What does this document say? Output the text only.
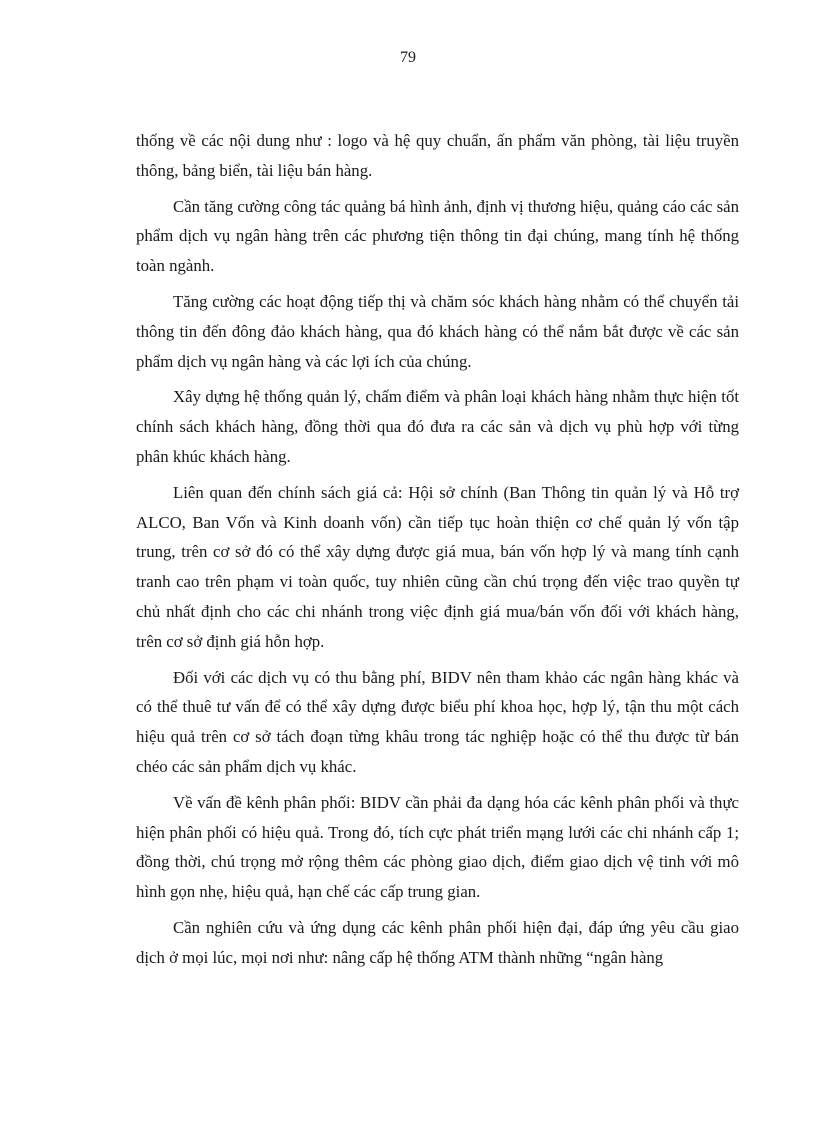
79

thống về các nội dung như : logo và hệ quy chuẩn, ấn phẩm văn phòng, tài liệu truyền thông, bảng biển, tài liệu bán hàng.

Cần tăng cường công tác quảng bá hình ảnh, định vị thương hiệu, quảng cáo các sản phẩm dịch vụ ngân hàng trên các phương tiện thông tin đại chúng, mang tính hệ thống toàn ngành.

Tăng cường các hoạt động tiếp thị và chăm sóc khách hàng nhằm có thể chuyển tải thông tin đến đông đảo khách hàng, qua đó khách hàng có thể nắm bắt được về các sản phẩm dịch vụ ngân hàng và các lợi ích của chúng.

Xây dựng hệ thống quản lý, chấm điểm và phân loại khách hàng nhằm thực hiện tốt chính sách khách hàng, đồng thời qua đó đưa ra các sản và dịch vụ phù hợp với từng phân khúc khách hàng.

Liên quan đến chính sách giá cả: Hội sở chính (Ban Thông tin quản lý và Hỗ trợ ALCO, Ban Vốn và Kinh doanh vốn) cần tiếp tục hoàn thiện cơ chế quản lý vốn tập trung, trên cơ sở đó có thể xây dựng được giá mua, bán vốn hợp lý và mang tính cạnh tranh cao trên phạm vi toàn quốc, tuy nhiên cũng cần chú trọng đến việc trao quyền tự chủ nhất định cho các chi nhánh trong việc định giá mua/bán vốn đối với khách hàng, trên cơ sở định giá hỗn hợp.

Đối với các dịch vụ có thu bằng phí, BIDV nên tham khảo các ngân hàng khác và có thể thuê tư vấn để có thể xây dựng được biểu phí khoa học, hợp lý, tận thu một cách hiệu quả trên cơ sở tách đoạn từng khâu trong tác nghiệp hoặc có thể thu được từ bán chéo các sản phẩm dịch vụ khác.

Về vấn đề kênh phân phối: BIDV cần phải đa dạng hóa các kênh phân phối và thực hiện phân phối có hiệu quả. Trong đó, tích cực phát triển mạng lưới các chi nhánh cấp 1; đồng thời, chú trọng mở rộng thêm các phòng giao dịch, điểm giao dịch vệ tinh với mô hình gọn nhẹ, hiệu quả, hạn chế các cấp trung gian.

Cần nghiên cứu và ứng dụng các kênh phân phối hiện đại, đáp ứng yêu cầu giao dịch ở mọi lúc, mọi nơi như: nâng cấp hệ thống ATM thành những “ngân hàng
